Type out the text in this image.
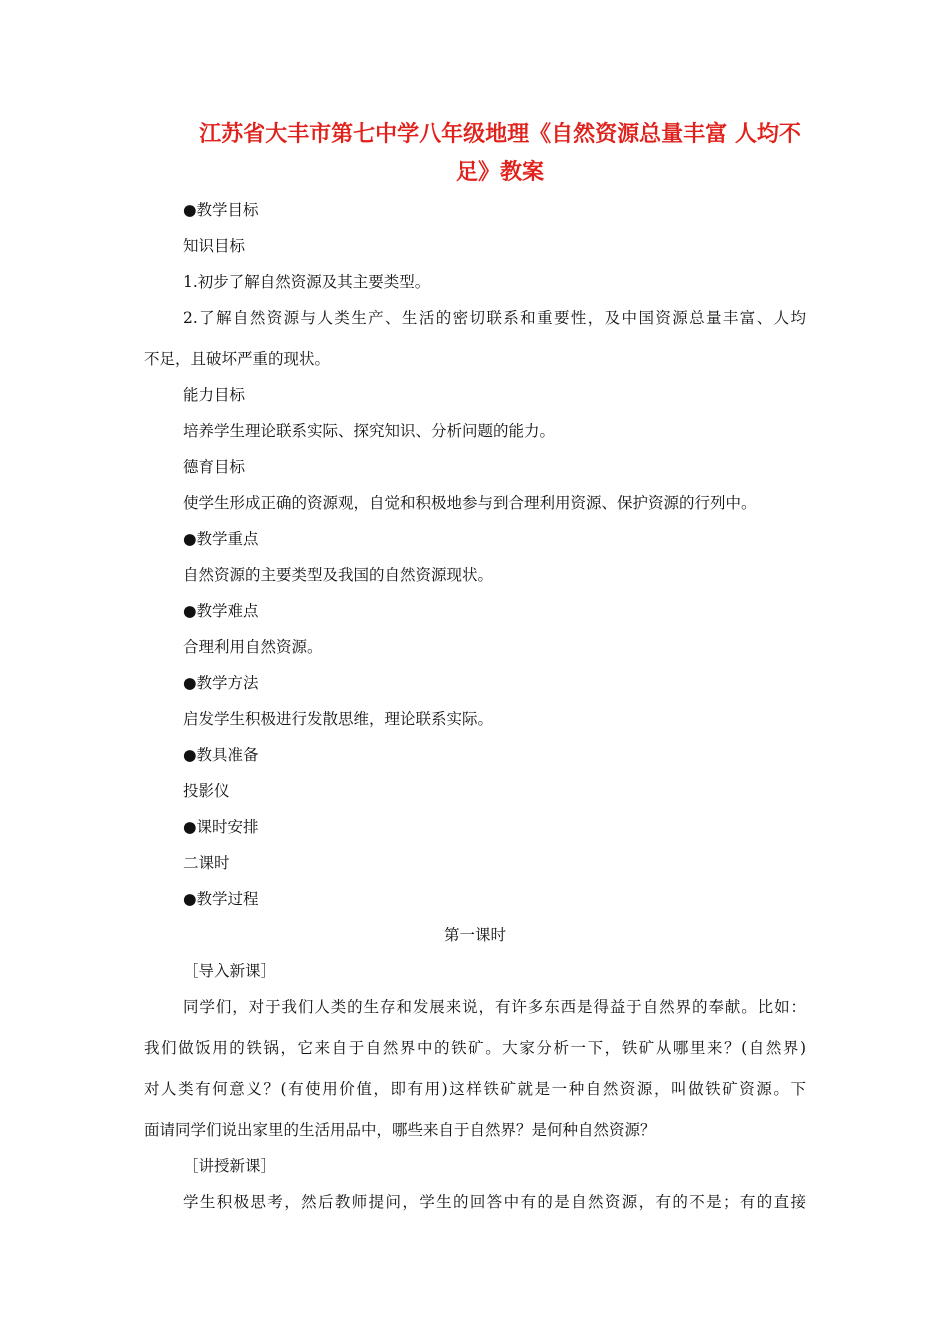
江苏省大丰市第七中学八年级地理《自然资源总量丰富 人均不
足》教案
●教学目标
知识目标
1.初步了解自然资源及其主要类型。
2.了解自然资源与人类生产、生活的密切联系和重要性，及中国资源总量丰富、人均
不足，且破坏严重的现状。
能力目标
培养学生理论联系实际、探究知识、分析问题的能力。
德育目标
使学生形成正确的资源观，自觉和积极地参与到合理利用资源、保护资源的行列中。
●教学重点
自然资源的主要类型及我国的自然资源现状。
●教学难点
合理利用自然资源。
●教学方法
启发学生积极进行发散思维，理论联系实际。
●教具准备
投影仪
●课时安排
二课时
●教学过程
第一课时
［导入新课］
同学们，对于我们人类的生存和发展来说，有许多东西是得益于自然界的奉献。比如：
我们做饭用的铁锅，它来自于自然界中的铁矿。大家分析一下，铁矿从哪里来？(自然界)
对人类有何意义？(有使用价值，即有用)这样铁矿就是一种自然资源，叫做铁矿资源。下
面请同学们说出家里的生活用品中，哪些来自于自然界？是何种自然资源？
［讲授新课］
学生积极思考，然后教师提问，学生的回答中有的是自然资源，有的不是；有的直接
